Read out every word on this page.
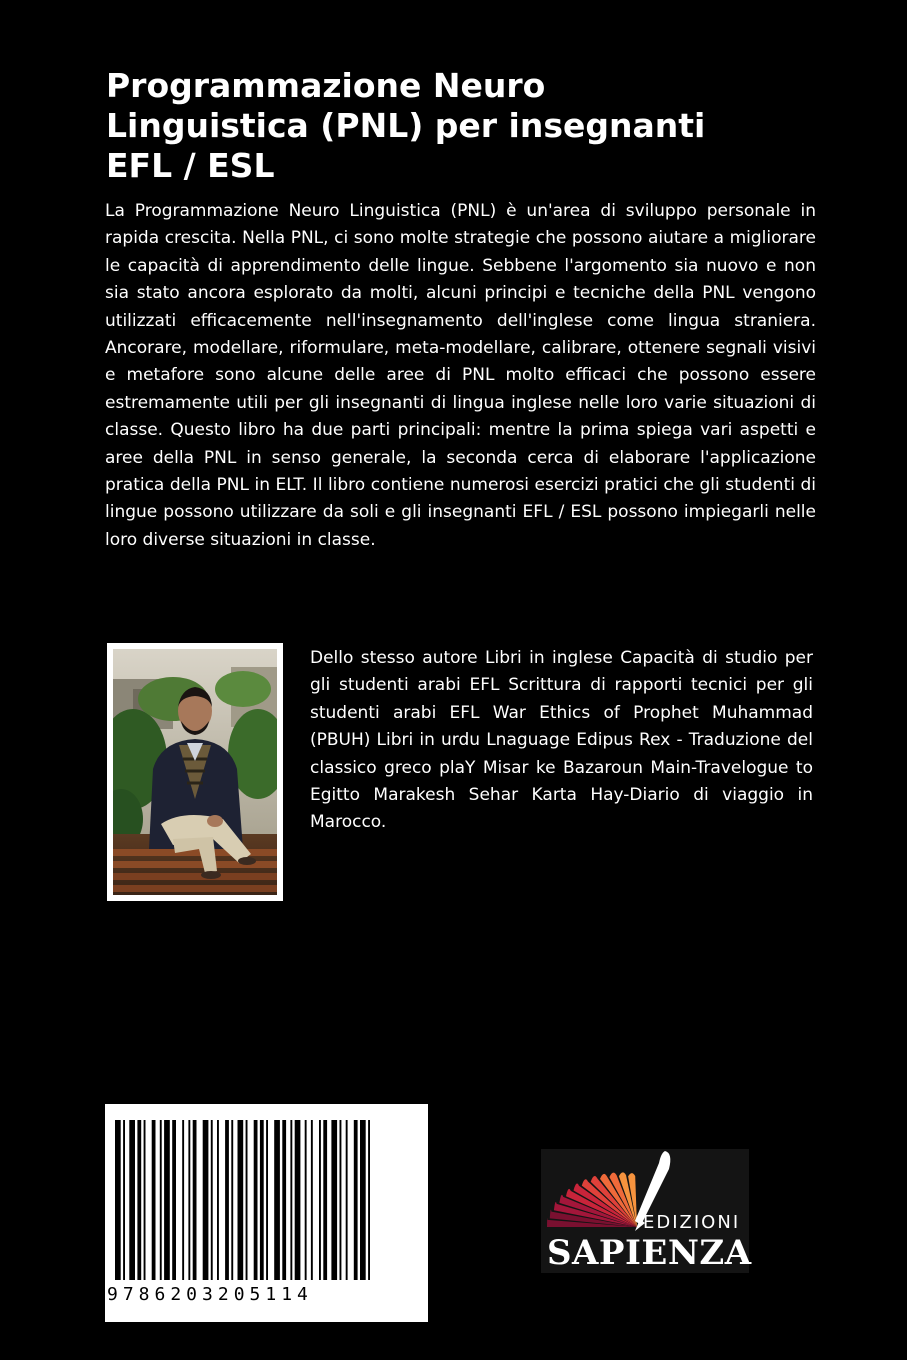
Programmazione Neuro
Linguistica (PNL) per insegnanti
EFL / ESL

La Programmazione Neuro Linguistica (PNL) è un'area di sviluppo personale in rapida crescita. Nella PNL, ci sono molte strategie che possono aiutare a migliorare le capacità di apprendimento delle lingue. Sebbene l'argomento sia nuovo e non sia stato ancora esplorato da molti, alcuni principi e tecniche della PNL vengono utilizzati efficacemente nell'insegnamento dell'inglese come lingua straniera. Ancorare, modellare, riformulare, meta-modellare, calibrare, ottenere segnali visivi e metafore sono alcune delle aree di PNL molto efficaci che possono essere estremamente utili per gli insegnanti di lingua inglese nelle loro varie situazioni di classe. Questo libro ha due parti principali: mentre la prima spiega vari aspetti e aree della PNL in senso generale, la seconda cerca di elaborare l'applicazione pratica della PNL in ELT. Il libro contiene numerosi esercizi pratici che gli studenti di lingue possono utilizzare da soli e gli insegnanti EFL / ESL possono impiegarli nelle loro diverse situazioni in classe.

Dello stesso autore Libri in inglese Capacità di studio per gli studenti arabi EFL Scrittura di rapporti tecnici per gli studenti arabi EFL War Ethics of Prophet Muhammad (PBUH) Libri in urdu Lnaguage Edipus Rex - Traduzione del classico greco plaY Misar ke Bazaroun Main-Travelogue to Egitto Marakesh Sehar Karta Hay-Diario di viaggio in Marocco.

9786203205114
EDIZIONI
SAPIENZA
